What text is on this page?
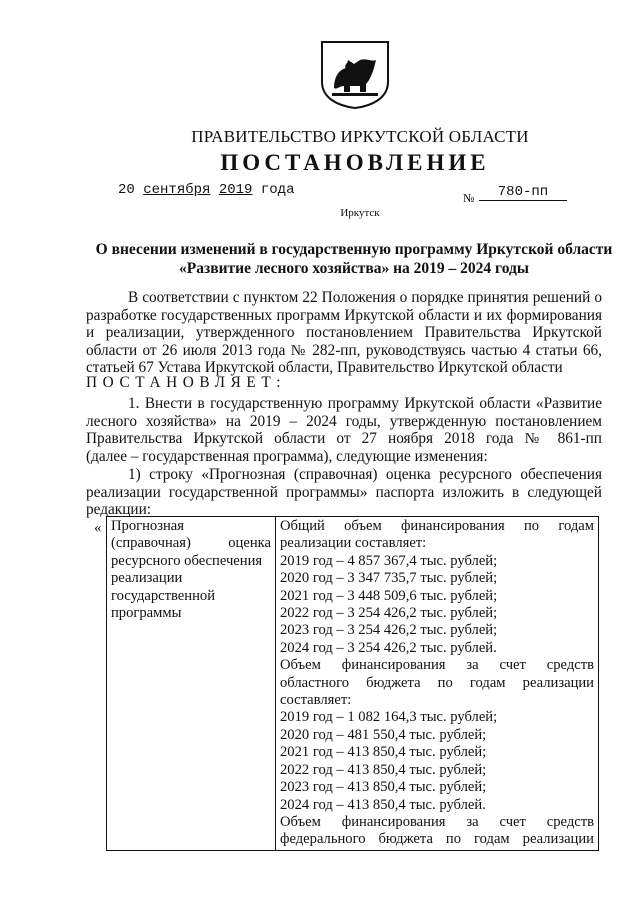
ПРАВИТЕЛЬСТВО ИРКУТСКОЙ ОБЛАСТИ
ПОСТАНОВЛЕНИЕ
20 сентября 2019 года	№	780-пп
Иркутск
О внесении изменений в государственную программу Иркутской области
«Развитие лесного хозяйства» на 2019 – 2024 годы
В соответствии с пунктом 22 Положения о порядке принятия решений о
разработке государственных программ Иркутской области и их формирования
и реализации, утвержденного постановлением Правительства Иркутской
области от 26 июля 2013 года № 282-пп, руководствуясь частью 4 статьи 66,
статьей 67 Устава Иркутской области, Правительство Иркутской области
ПОСТАНОВЛЯЕТ:
1. Внести в государственную программу Иркутской области «Развитие
лесного хозяйства» на 2019 – 2024 годы, утвержденную постановлением
Правительства Иркутской области от 27 ноября 2018 года № 861-пп
(далее – государственная программа), следующие изменения:
1) строку «Прогнозная (справочная) оценка ресурсного обеспечения
реализации государственной программы» паспорта изложить в следующей
редакции:
« Прогнозная
(справочная) оценка
ресурсного обеспечения
реализации
государственной
программы

Общий объем финансирования по годам
реализации составляет:
2019 год – 4 857 367,4 тыс. рублей;
2020 год – 3 347 735,7 тыс. рублей;
2021 год – 3 448 509,6 тыс. рублей;
2022 год – 3 254 426,2 тыс. рублей;
2023 год – 3 254 426,2 тыс. рублей;
2024 год – 3 254 426,2 тыс. рублей.
Объем финансирования за счет средств
областного бюджета по годам реализации
составляет:
2019 год – 1 082 164,3 тыс. рублей;
2020 год – 481 550,4 тыс. рублей;
2021 год – 413 850,4 тыс. рублей;
2022 год – 413 850,4 тыс. рублей;
2023 год – 413 850,4 тыс. рублей;
2024 год – 413 850,4 тыс. рублей.
Объем финансирования за счет средств
федерального бюджета по годам реализации
